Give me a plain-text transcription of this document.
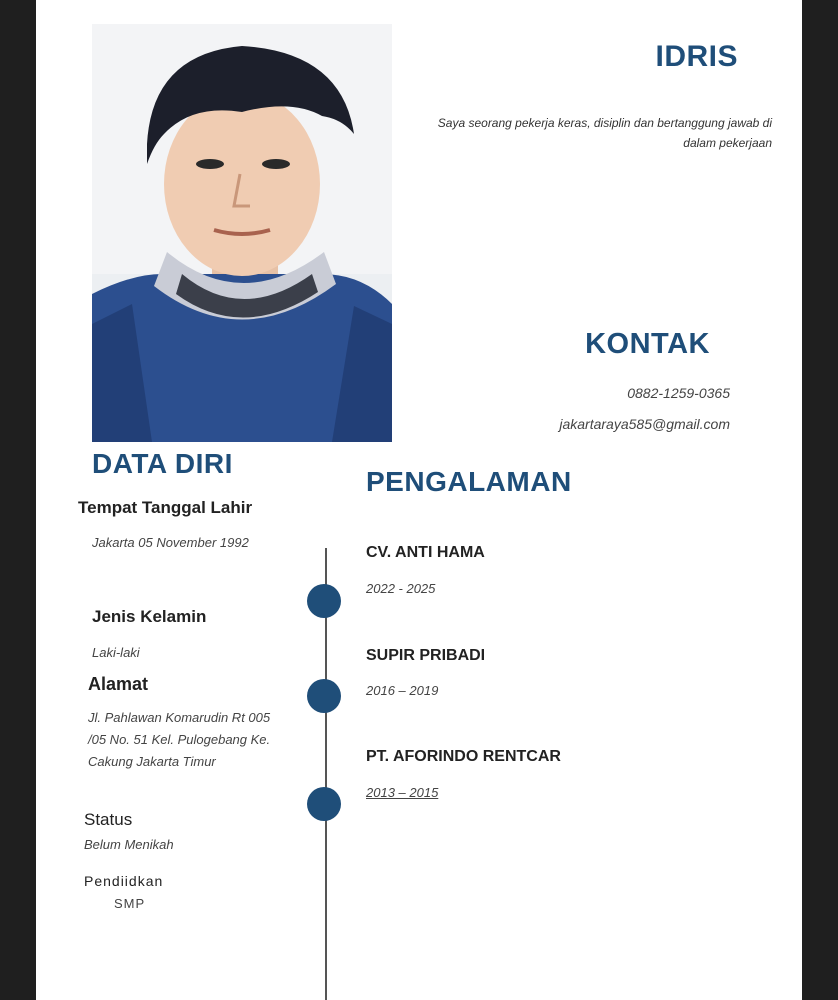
IDRIS
Saya seorang pekerja keras, disiplin dan bertanggung jawab di dalam pekerjaan
KONTAK
0882-1259-0365
jakartaraya585@gmail.com
DATA DIRI
Tempat Tanggal Lahir
Jakarta 05 November 1992
Jenis Kelamin
Laki-laki
Alamat
Jl. Pahlawan Komarudin Rt 005 /05 No. 51 Kel. Pulogebang Ke. Cakung Jakarta Timur
Status
Belum Menikah
Pendiidkan
SMP
PENGALAMAN
CV. ANTI HAMA
2022 - 2025
SUPIR PRIBADI
2016 – 2019
PT. AFORINDO RENTCAR
2013 – 2015
